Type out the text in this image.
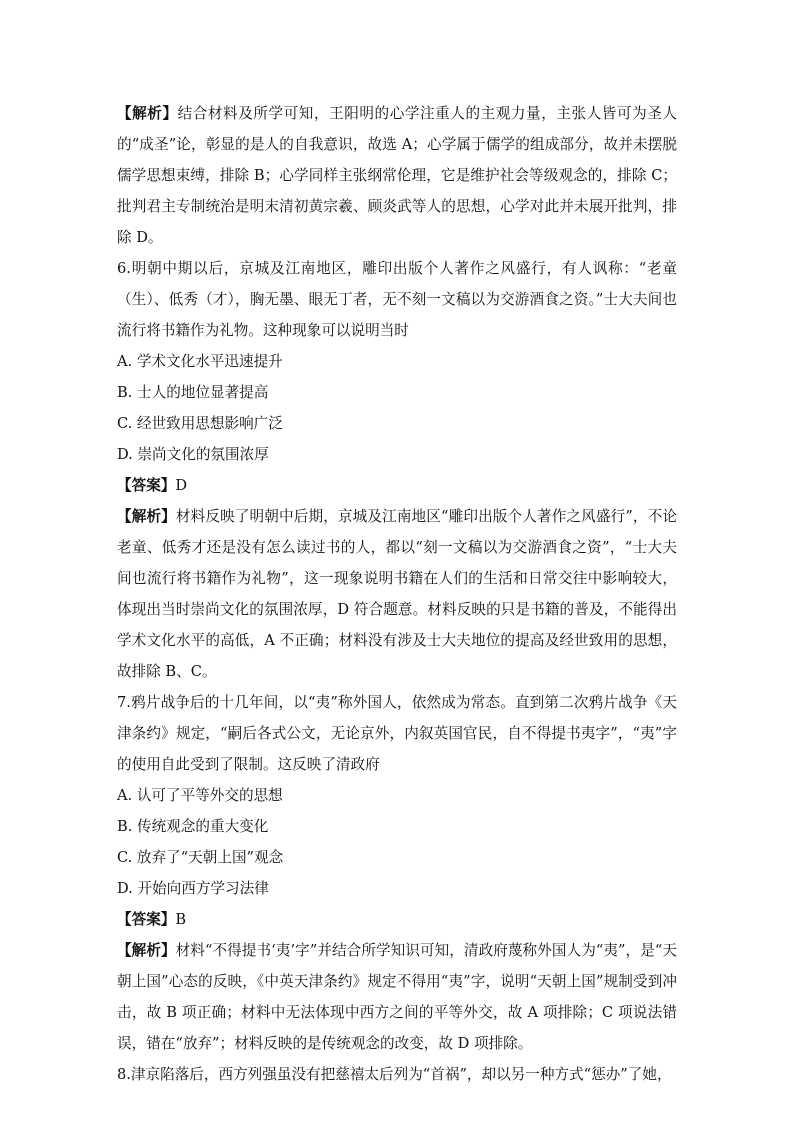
【解析】结合材料及所学可知，王阳明的心学注重人的主观力量，主张人皆可为圣人的“成圣”论，彰显的是人的自我意识，故选 A；心学属于儒学的组成部分，故并未摆脱儒学思想束缚，排除 B；心学同样主张纲常伦理，它是维护社会等级观念的，排除 C；批判君主专制统治是明末清初黄宗羲、顾炎武等人的思想，心学对此并未展开批判，排除 D。

6.明朝中期以后，京城及江南地区，雕印出版个人著作之风盛行，有人讽称：“老童（生）、低秀（才），胸无墨、眼无丁者，无不刻一文稿以为交游酒食之资。”士大夫间也流行将书籍作为礼物。这种现象可以说明当时

A. 学术文化水平迅速提升

B. 士人的地位显著提高

C. 经世致用思想影响广泛

D. 崇尚文化的氛围浓厚

【答案】D

【解析】材料反映了明朝中后期，京城及江南地区“雕印出版个人著作之风盛行”，不论老童、低秀才还是没有怎么读过书的人，都以“刻一文稿以为交游酒食之资”，“士大夫间也流行将书籍作为礼物”，这一现象说明书籍在人们的生活和日常交往中影响较大，体现出当时崇尚文化的氛围浓厚，D 符合题意。材料反映的只是书籍的普及，不能得出学术文化水平的高低，A 不正确；材料没有涉及士大夫地位的提高及经世致用的思想，故排除 B、C。

7.鸦片战争后的十几年间，以“夷”称外国人，依然成为常态。直到第二次鸦片战争《天津条约》规定，“嗣后各式公文，无论京外，内叙英国官民，自不得提书夷字”，“夷”字的使用自此受到了限制。这反映了清政府

A. 认可了平等外交的思想

B. 传统观念的重大变化

C. 放弃了“天朝上国”观念

D. 开始向西方学习法律

【答案】B

【解析】材料“不得提书‘夷’字”并结合所学知识可知，清政府蔑称外国人为“夷”，是“天朝上国”心态的反映，《中英天津条约》规定不得用“夷”字，说明“天朝上国”规制受到冲击，故 B 项正确；材料中无法体现中西方之间的平等外交，故 A 项排除；C 项说法错误，错在“放弃”；材料反映的是传统观念的改变，故 D 项排除。

8.津京陷落后，西方列强虽没有把慈禧太后列为“首祸”，却以另一种方式“惩办”了她，
